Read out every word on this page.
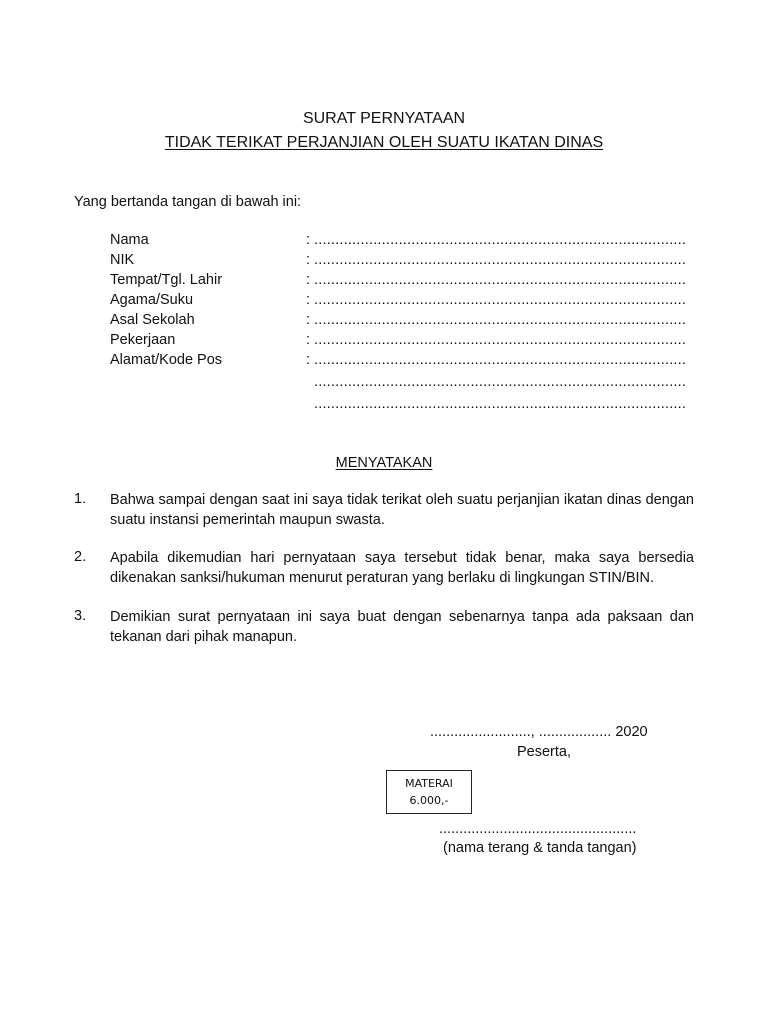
SURAT PERNYATAAN
TIDAK TERIKAT PERJANJIAN OLEH SUATU IKATAN DINAS
Yang bertanda tangan di bawah ini:
Nama	: ........................................................................................
NIK	: ........................................................................................
Tempat/Tgl. Lahir	: ........................................................................................
Agama/Suku	: ........................................................................................
Asal Sekolah	: ........................................................................................
Pekerjaan	: ........................................................................................
Alamat/Kode Pos	: ........................................................................................
........................................................................................
........................................................................................
MENYATAKAN
1. Bahwa sampai dengan saat ini saya tidak terikat oleh suatu perjanjian ikatan dinas dengan suatu instansi pemerintah maupun swasta.
2. Apabila dikemudian hari pernyataan saya tersebut tidak benar, maka saya bersedia dikenakan sanksi/hukuman menurut peraturan yang berlaku di lingkungan STIN/BIN.
3. Demikian surat pernyataan ini saya buat dengan sebenarnya tanpa ada paksaan dan tekanan dari pihak manapun.
........................., .................. 2020
Peserta,
MATERAI
6.000,-
.................................................
(nama terang & tanda tangan)
